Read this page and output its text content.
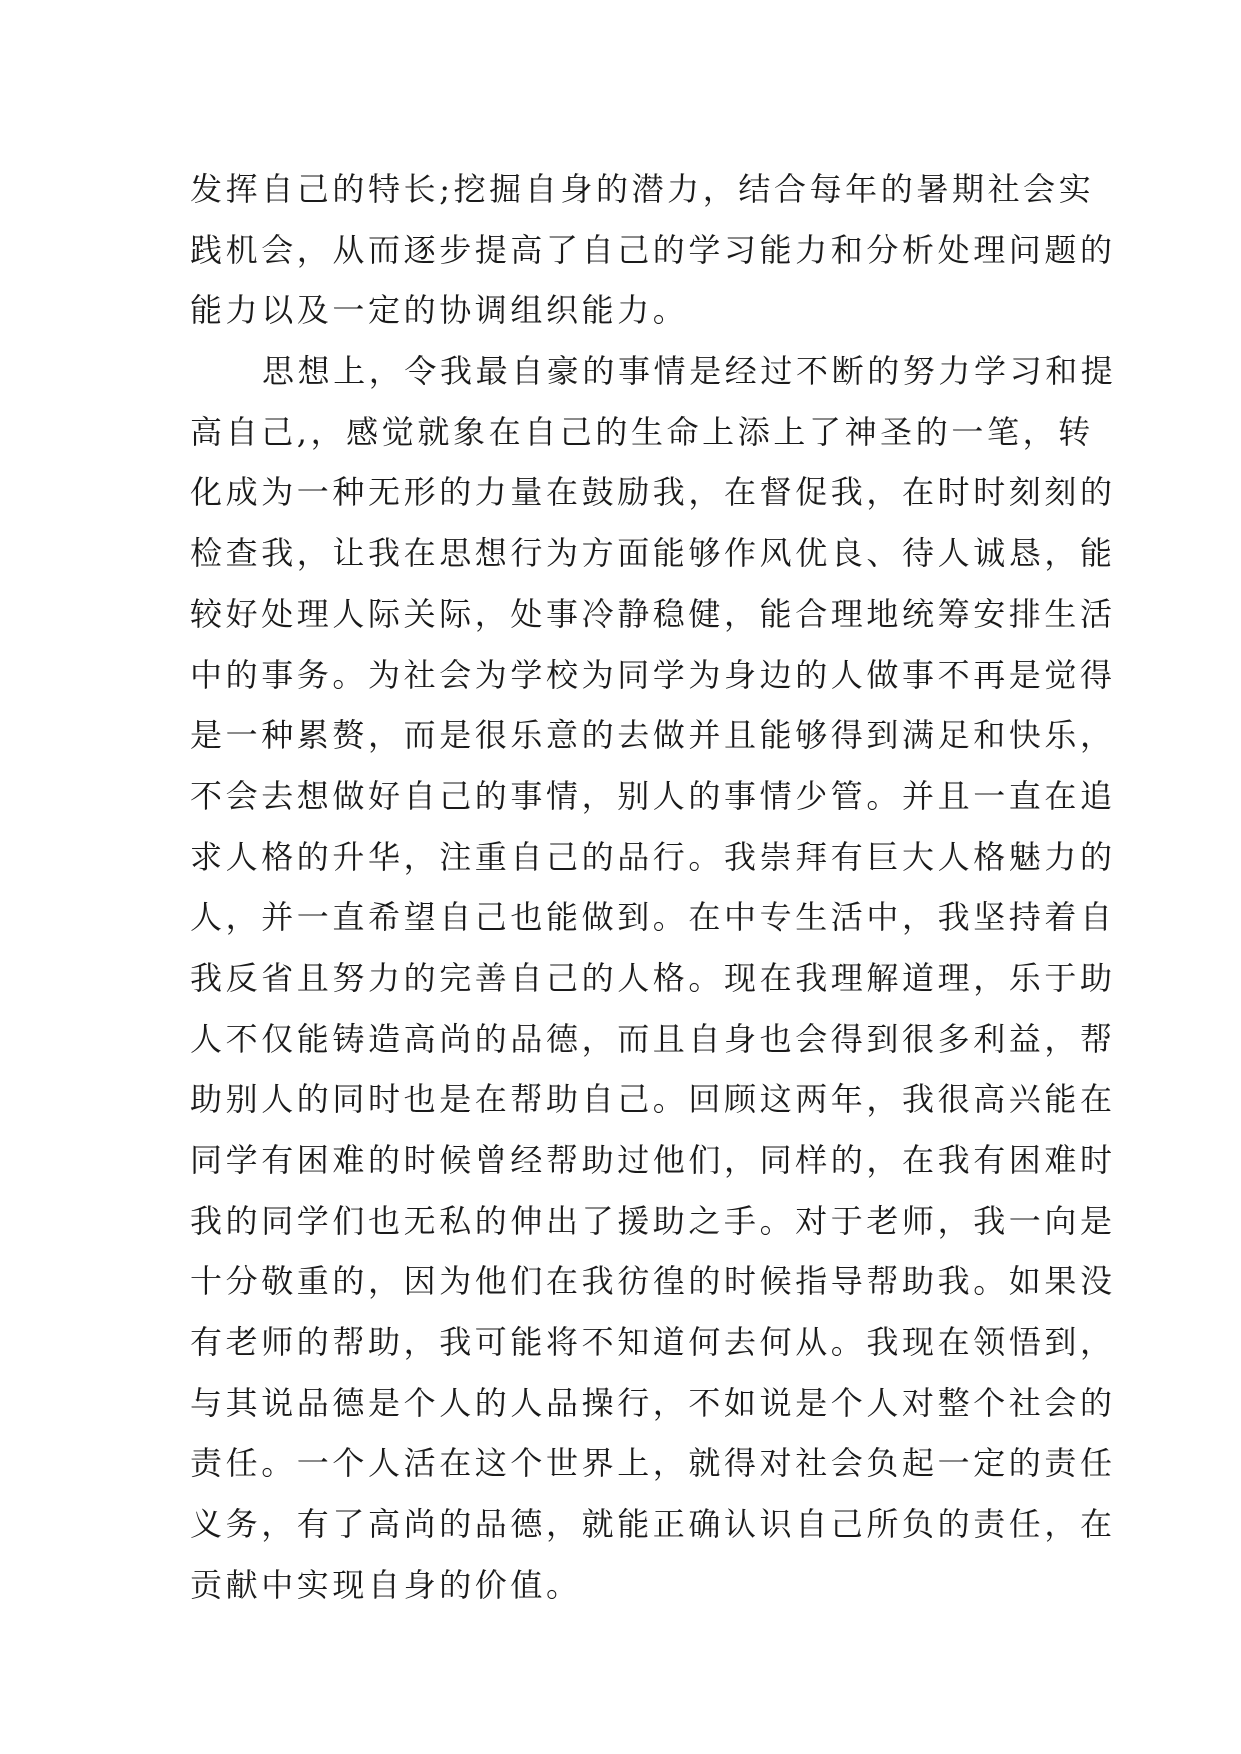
发挥自己的特长;挖掘自身的潜力，结合每年的暑期社会实
践机会，从而逐步提高了自己的学习能力和分析处理问题的
能力以及一定的协调组织能力。
思想上，令我最自豪的事情是经过不断的努力学习和提
高自己,，感觉就象在自己的生命上添上了神圣的一笔，转
化成为一种无形的力量在鼓励我，在督促我，在时时刻刻的
检查我，让我在思想行为方面能够作风优良、待人诚恳，能
较好处理人际关际，处事冷静稳健，能合理地统筹安排生活
中的事务。为社会为学校为同学为身边的人做事不再是觉得
是一种累赘，而是很乐意的去做并且能够得到满足和快乐，
不会去想做好自己的事情，别人的事情少管。并且一直在追
求人格的升华，注重自己的品行。我崇拜有巨大人格魅力的
人，并一直希望自己也能做到。在中专生活中，我坚持着自
我反省且努力的完善自己的人格。现在我理解道理，乐于助
人不仅能铸造高尚的品德，而且自身也会得到很多利益，帮
助别人的同时也是在帮助自己。回顾这两年，我很高兴能在
同学有困难的时候曾经帮助过他们，同样的，在我有困难时
我的同学们也无私的伸出了援助之手。对于老师，我一向是
十分敬重的，因为他们在我彷徨的时候指导帮助我。如果没
有老师的帮助，我可能将不知道何去何从。我现在领悟到，
与其说品德是个人的人品操行，不如说是个人对整个社会的
责任。一个人活在这个世界上，就得对社会负起一定的责任
义务，有了高尚的品德，就能正确认识自己所负的责任，在
贡献中实现自身的价值。
